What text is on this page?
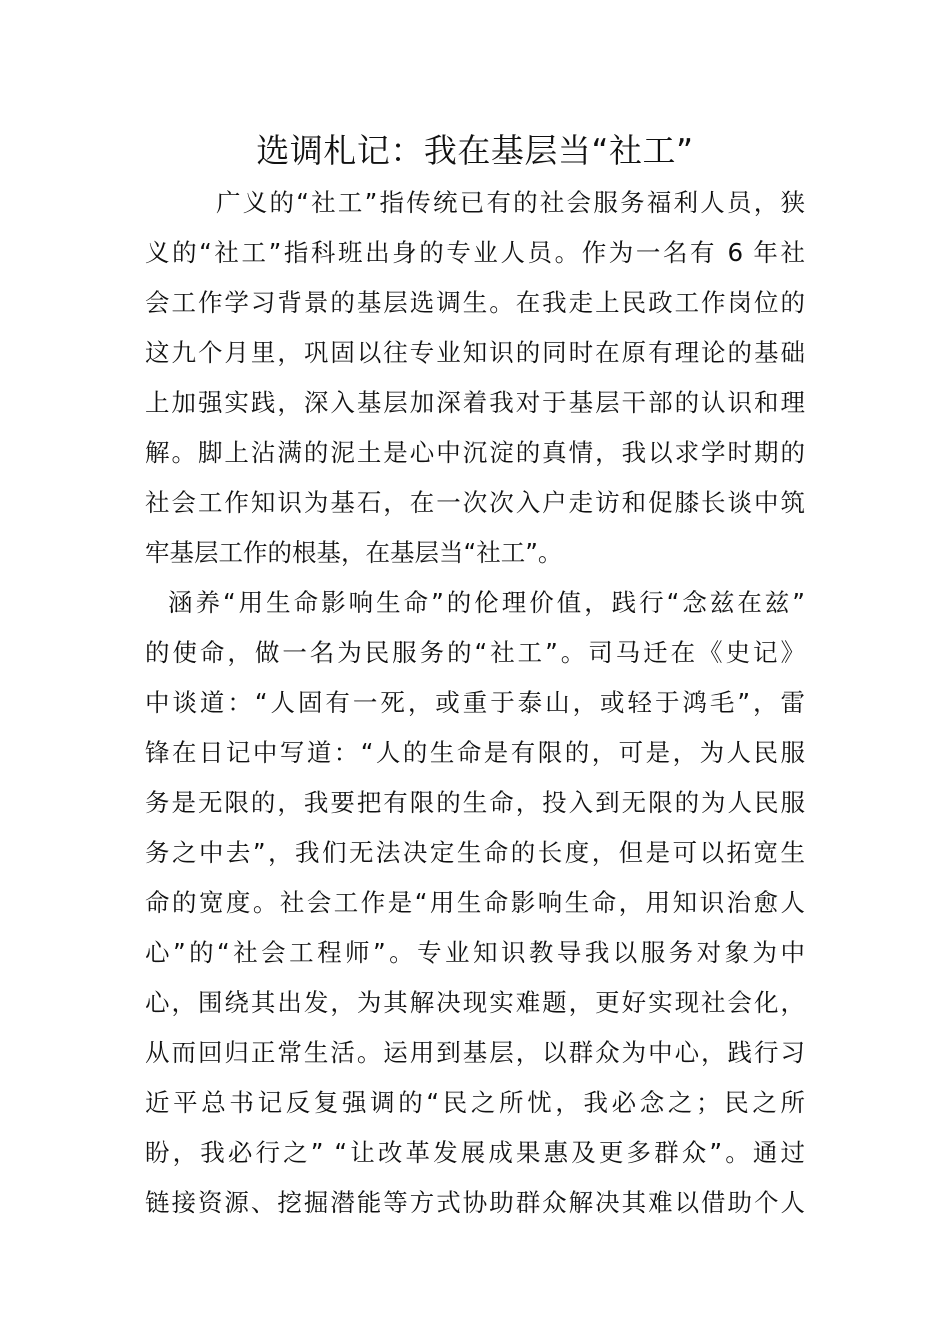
选调札记：我在基层当“社工”
广义的“社工”指传统已有的社会服务福利人员，狭
义的“社工”指科班出身的专业人员。作为一名有 6 年社
会工作学习背景的基层选调生。在我走上民政工作岗位的
这九个月里，巩固以往专业知识的同时在原有理论的基础
上加强实践，深入基层加深着我对于基层干部的认识和理
解。脚上沾满的泥土是心中沉淀的真情，我以求学时期的
社会工作知识为基石，在一次次入户走访和促膝长谈中筑
牢基层工作的根基，在基层当“社工”。
涵养“用生命影响生命”的伦理价值，践行“念兹在兹”
的使命，做一名为民服务的“社工”。司马迁在《史记》
中谈道：“人固有一死，或重于泰山，或轻于鸿毛”，雷
锋在日记中写道：“人的生命是有限的，可是，为人民服
务是无限的，我要把有限的生命，投入到无限的为人民服
务之中去”，我们无法决定生命的长度，但是可以拓宽生
命的宽度。社会工作是“用生命影响生命，用知识治愈人
心”的“社会工程师”。专业知识教导我以服务对象为中
心，围绕其出发，为其解决现实难题，更好实现社会化，
从而回归正常生活。运用到基层，以群众为中心，践行习
近平总书记反复强调的“民之所忧，我必念之；民之所
盼，我必行之” “让改革发展成果惠及更多群众”。通过
链接资源、挖掘潜能等方式协助群众解决其难以借助个人
